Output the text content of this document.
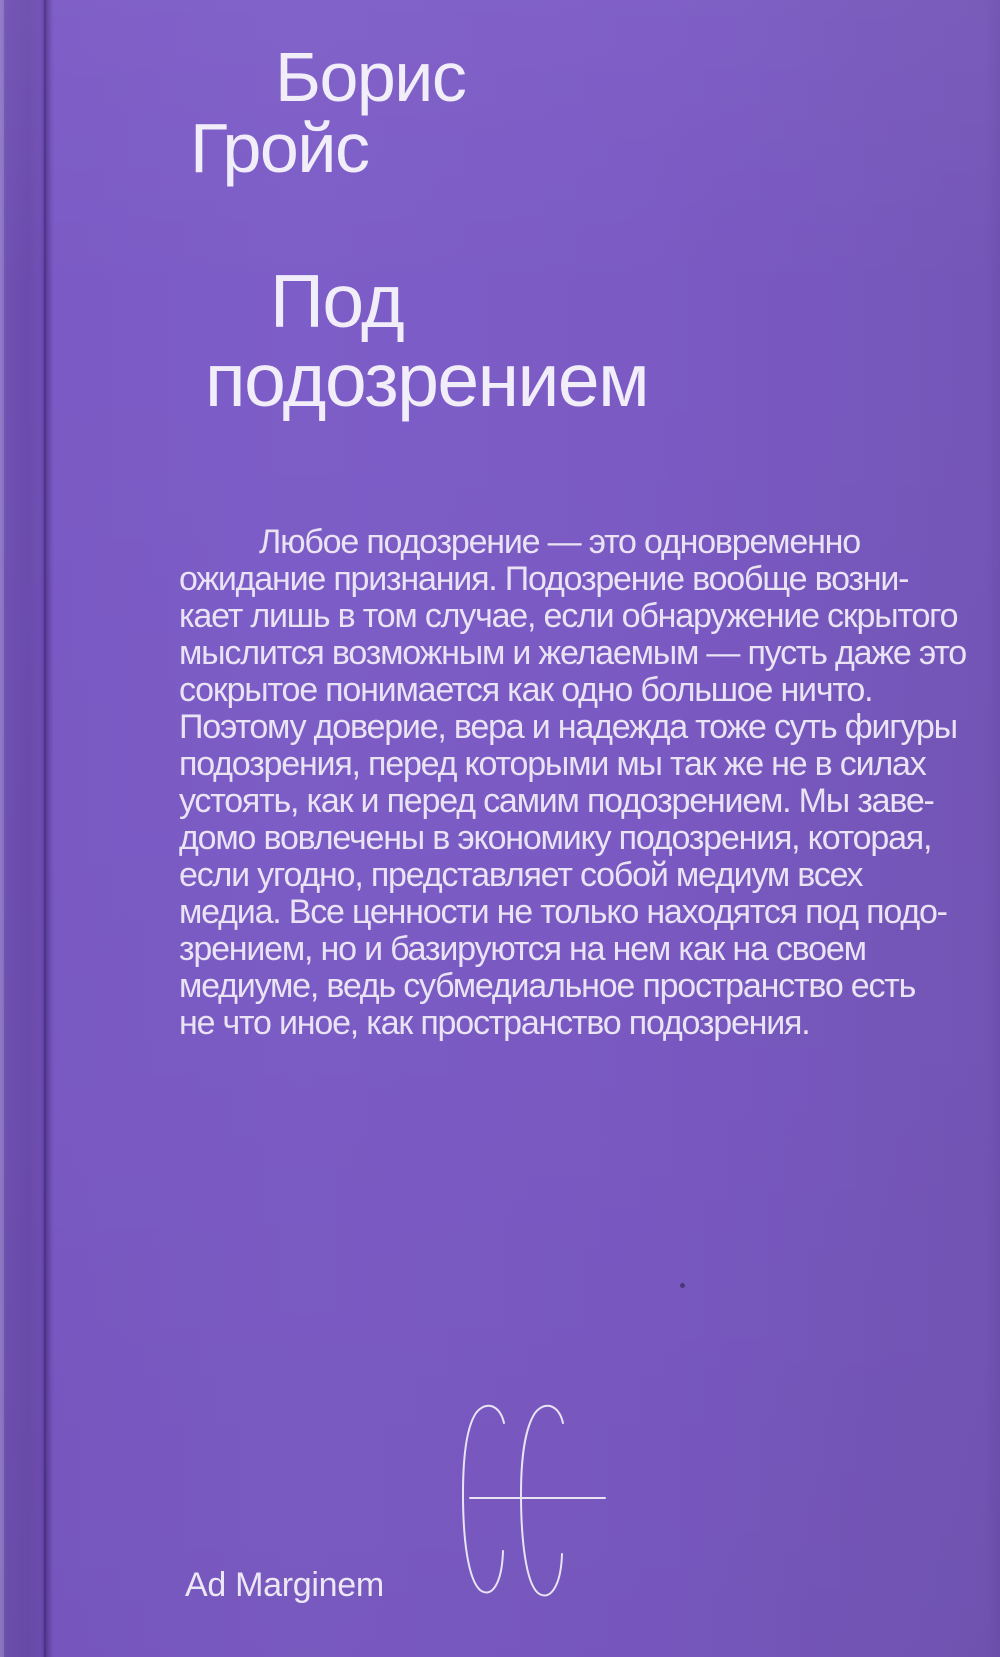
Борис
Гройс
Под
подозрением
Любое подозрение — это одновременно
ожидание признания. Подозрение вообще возни-
кает лишь в том случае, если обнаружение скрытого
мыслится возможным и желаемым — пусть даже это
сокрытое понимается как одно большое ничто.
Поэтому доверие, вера и надежда тоже суть фигуры
подозрения, перед которыми мы так же не в силах
устоять, как и перед самим подозрением. Мы заве-
домо вовлечены в экономику подозрения, которая,
если угодно, представляет собой медиум всех
медиа. Все ценности не только находятся под подо-
зрением, но и базируются на нем как на своем
медиуме, ведь субмедиальное пространство есть
не что иное, как пространство подозрения.
Ad Marginem
